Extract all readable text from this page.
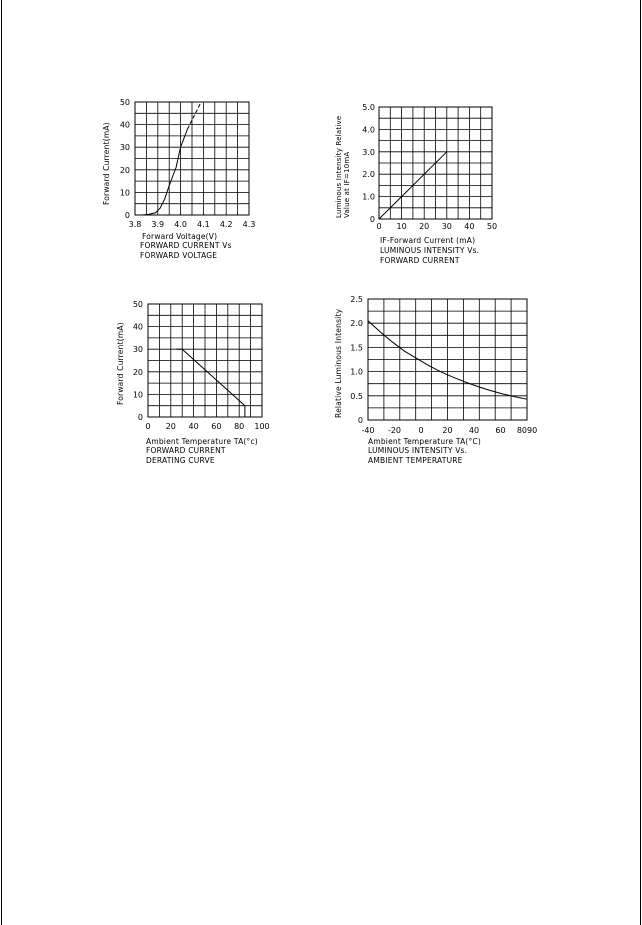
3.8 3.9 4.0 4.1 4.2 4.3
0
10
20
30
40
50
Forward Current(mA)
Forward Voltage(V)
FORWARD CURRENT Vs
FORWARD VOLTAGE
0 10 20 30 40 50
0
1.0
2.0
3.0
4.0
5.0
Luminous Intensity Relative Value at IF=10mA
IF-Forward Current (mA)
LUMINOUS INTENSITY Vs.
FORWARD CURRENT
0 20 40 60 80 100
0
10
20
30
40
50
Forward Current(mA)
Ambient Temperature TA(°c)
FORWARD CURRENT
DERATING CURVE
-40 -20 0 20 40 60 8090
0
0.5
1.0
1.5
2.0
2.5
Relative Luminous Intensity
Ambient Temperature TA(°C)
LUMINOUS INTENSITY Vs.
AMBIENT TEMPERATURE
